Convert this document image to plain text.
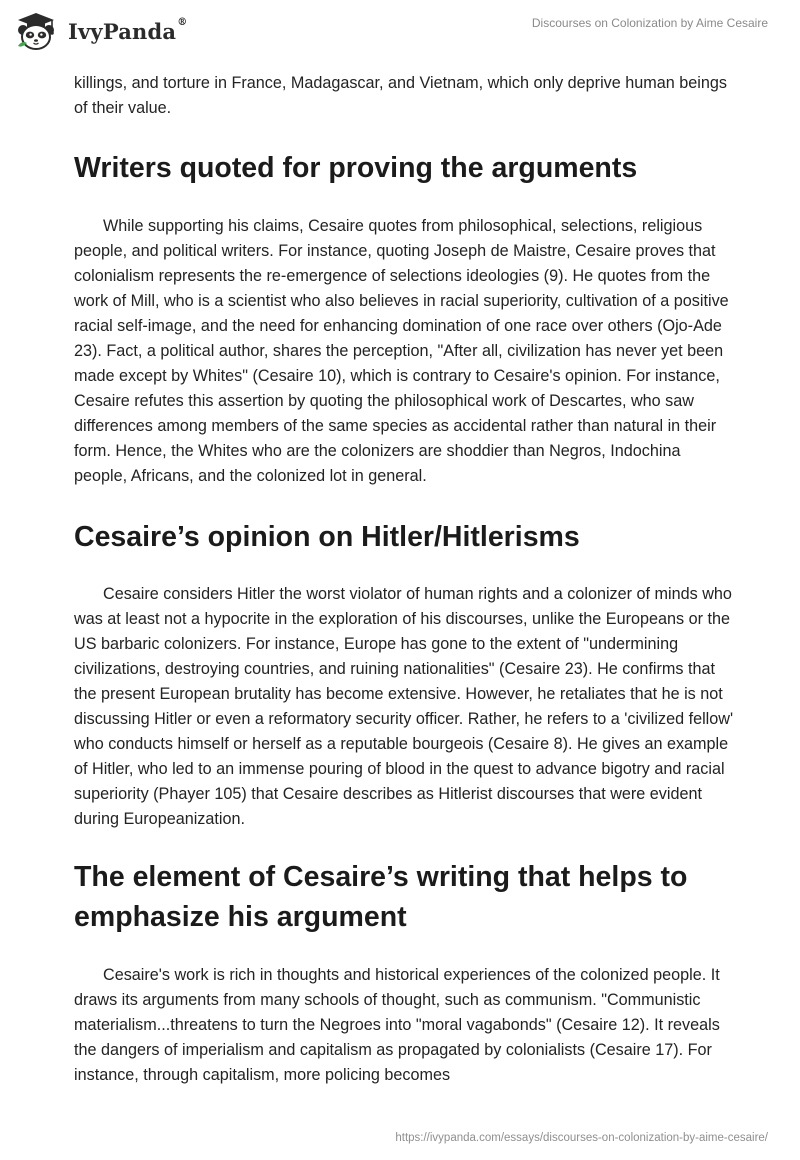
IvyPanda®	Discourses on Colonization by Aime Cesaire

killings, and torture in France, Madagascar, and Vietnam, which only deprive human beings of their value.

Writers quoted for proving the arguments

While supporting his claims, Cesaire quotes from philosophical, selections, religious people, and political writers. For instance, quoting Joseph de Maistre, Cesaire proves that colonialism represents the re-emergence of selections ideologies (9). He quotes from the work of Mill, who is a scientist who also believes in racial superiority, cultivation of a positive racial self-image, and the need for enhancing domination of one race over others (Ojo-Ade 23). Fact, a political author, shares the perception, "After all, civilization has never yet been made except by Whites" (Cesaire 10), which is contrary to Cesaire's opinion. For instance, Cesaire refutes this assertion by quoting the philosophical work of Descartes, who saw differences among members of the same species as accidental rather than natural in their form. Hence, the Whites who are the colonizers are shoddier than Negros, Indochina people, Africans, and the colonized lot in general.

Cesaire’s opinion on Hitler/Hitlerisms

Cesaire considers Hitler the worst violator of human rights and a colonizer of minds who was at least not a hypocrite in the exploration of his discourses, unlike the Europeans or the US barbaric colonizers. For instance, Europe has gone to the extent of "undermining civilizations, destroying countries, and ruining nationalities" (Cesaire 23). He confirms that the present European brutality has become extensive. However, he retaliates that he is not discussing Hitler or even a reformatory security officer. Rather, he refers to a 'civilized fellow' who conducts himself or herself as a reputable bourgeois (Cesaire 8). He gives an example of Hitler, who led to an immense pouring of blood in the quest to advance bigotry and racial superiority (Phayer 105) that Cesaire describes as Hitlerist discourses that were evident during Europeanization.

The element of Cesaire’s writing that helps to emphasize his argument

Cesaire's work is rich in thoughts and historical experiences of the colonized people. It draws its arguments from many schools of thought, such as communism. "Communistic materialism...threatens to turn the Negroes into "moral vagabonds" (Cesaire 12). It reveals the dangers of imperialism and capitalism as propagated by colonialists (Cesaire 17). For instance, through capitalism, more policing becomes

https://ivypanda.com/essays/discourses-on-colonization-by-aime-cesaire/
